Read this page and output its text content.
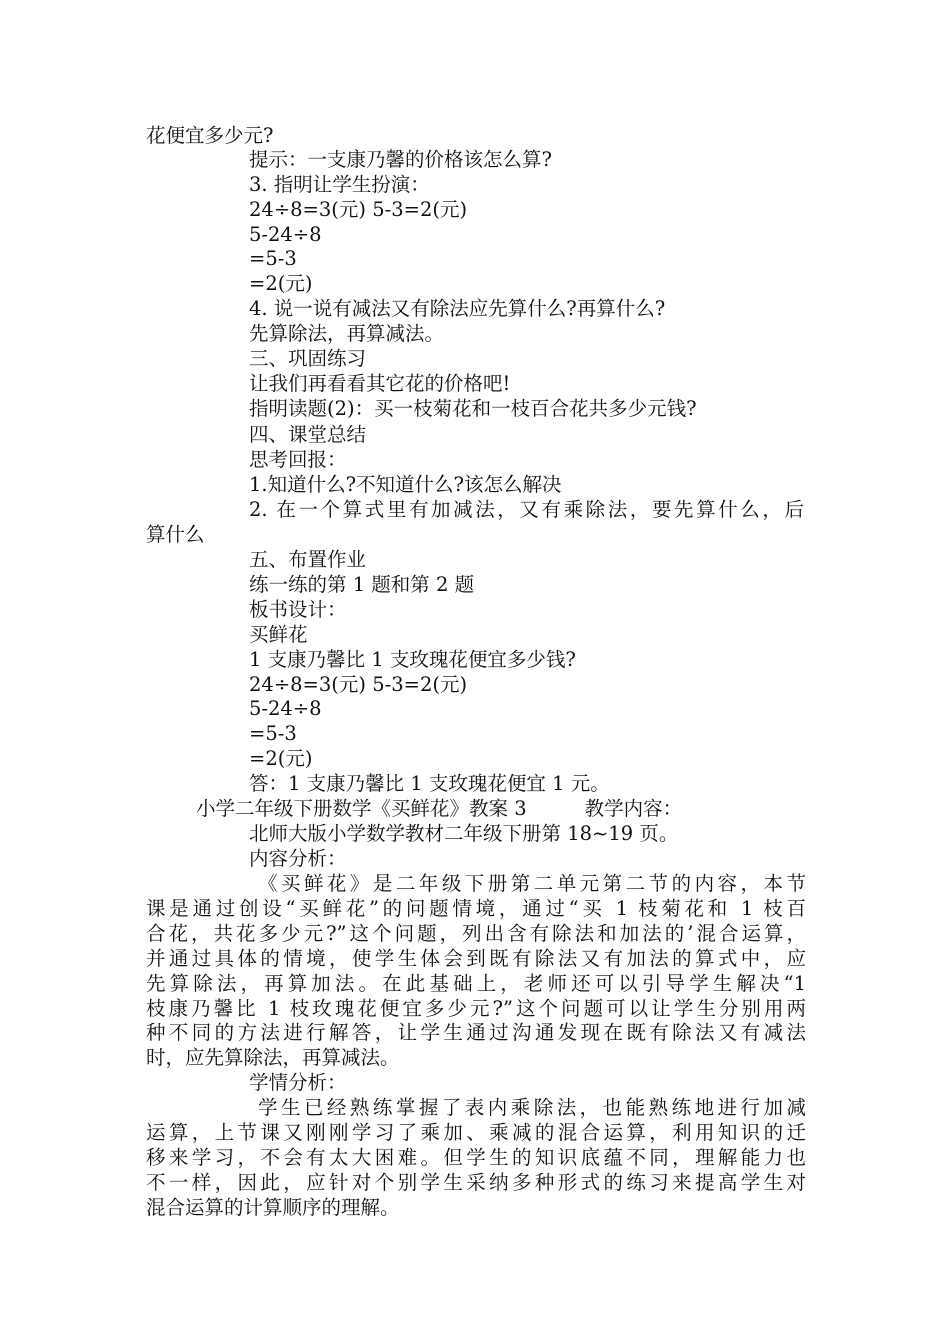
花便宜多少元?
提示：一支康乃馨的价格该怎么算?
3. 指明让学生扮演：
24÷8=3(元) 5-3=2(元)
5-24÷8
=5-3
=2(元)
4. 说一说有减法又有除法应先算什么?再算什么?
先算除法，再算减法。
三、巩固练习
让我们再看看其它花的价格吧!
指明读题(2)：买一枝菊花和一枝百合花共多少元钱?
四、课堂总结
思考回报：
1.知道什么?不知道什么?该怎么解决
2. 在一个算式里有加减法，又有乘除法，要先算什么，后
算什么
五、布置作业
练一练的第 1 题和第 2 题
板书设计：
买鲜花
1 支康乃馨比 1 支玫瑰花便宜多少钱?
24÷8=3(元) 5-3=2(元)
5-24÷8
=5-3
=2(元)
答：1 支康乃馨比 1 支玫瑰花便宜 1 元。
小学二年级下册数学《买鲜花》教案 3	教学内容：
北师大版小学数学教材二年级下册第 18~19 页。
内容分析：
《买鲜花》是二年级下册第二单元第二节的内容，本节
课是通过创设“买鲜花”的问题情境，通过“买 1 枝菊花和 1 枝百
合花，共花多少元?”这个问题，列出含有除法和加法的’混合运算，
并通过具体的情境，使学生体会到既有除法又有加法的算式中，应
先算除法，再算加法。在此基础上，老师还可以引导学生解决“1
枝康乃馨比 1 枝玫瑰花便宜多少元?”这个问题可以让学生分别用两
种不同的方法进行解答，让学生通过沟通发现在既有除法又有减法
时，应先算除法，再算减法。
学情分析：
学生已经熟练掌握了表内乘除法，也能熟练地进行加减
运算，上节课又刚刚学习了乘加、乘减的混合运算，利用知识的迁
移来学习，不会有太大困难。但学生的知识底蕴不同，理解能力也
不一样，因此，应针对个别学生采纳多种形式的练习来提高学生对
混合运算的计算顺序的理解。
